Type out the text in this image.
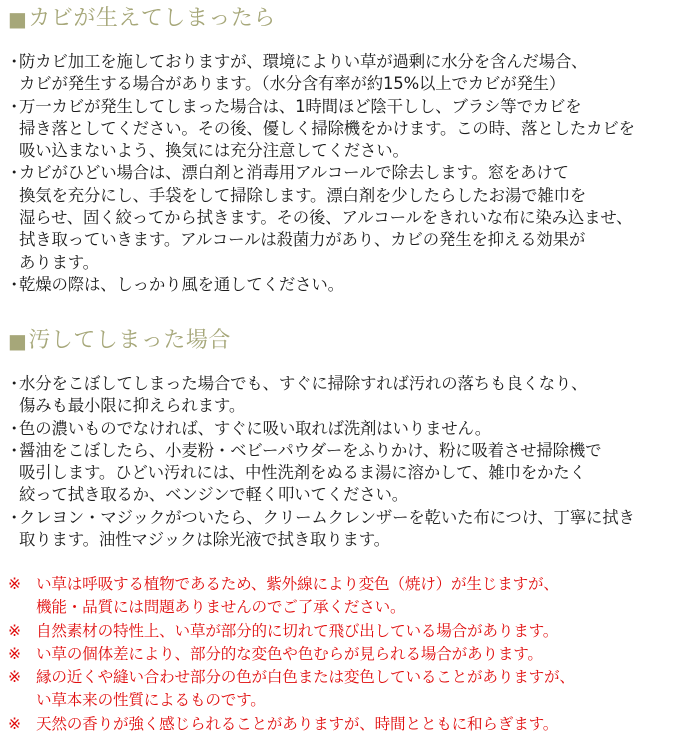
■ カビが生えてしまったら
・
防カビ加工を施しておりますが、環境によりい草が過剰に水分を含んだ場合、
カビが発生する場合があります。（水分含有率が約15%以上でカビが発生）
・
万一カビが発生してしまった場合は、1時間ほど陰干しし、ブラシ等でカビを
掃き落としてください。その後、優しく掃除機をかけます。この時、落としたカビを
吸い込まないよう、換気には充分注意してください。
・
カビがひどい場合は、漂白剤と消毒用アルコールで除去します。窓をあけて
換気を充分にし、手袋をして掃除します。漂白剤を少したらしたお湯で雑巾を
湿らせ、固く絞ってから拭きます。その後、アルコールをきれいな布に染み込ませ、
拭き取っていきます。アルコールは殺菌力があり、カビの発生を抑える効果が
あります。
・
乾燥の際は、しっかり風を通してください。
■ 汚してしまった場合
・
水分をこぼしてしまった場合でも、すぐに掃除すれば汚れの落ちも良くなり、
傷みも最小限に抑えられます。
・
色の濃いものでなければ、すぐに吸い取れば洗剤はいりません。
・
醤油をこぼしたら、小麦粉・ベビーパウダーをふりかけ、粉に吸着させ掃除機で
吸引します。ひどい汚れには、中性洗剤をぬるま湯に溶かして、雑巾をかたく
絞って拭き取るか、ベンジンで軽く叩いてください。
・
クレヨン・マジックがついたら、クリームクレンザーを乾いた布につけ、丁寧に拭き
取ります。油性マジックは除光液で拭き取ります。
※ い草は呼吸する植物であるため、紫外線により変色（焼け）が生じますが、
機能・品質には問題ありませんのでご了承ください。
※ 自然素材の特性上、い草が部分的に切れて飛び出している場合があります。
※ い草の個体差により、部分的な変色や色むらが見られる場合があります。
※ 縁の近くや縫い合わせ部分の色が白色または変色していることがありますが、
い草本来の性質によるものです。
※ 天然の香りが強く感じられることがありますが、時間とともに和らぎます。
